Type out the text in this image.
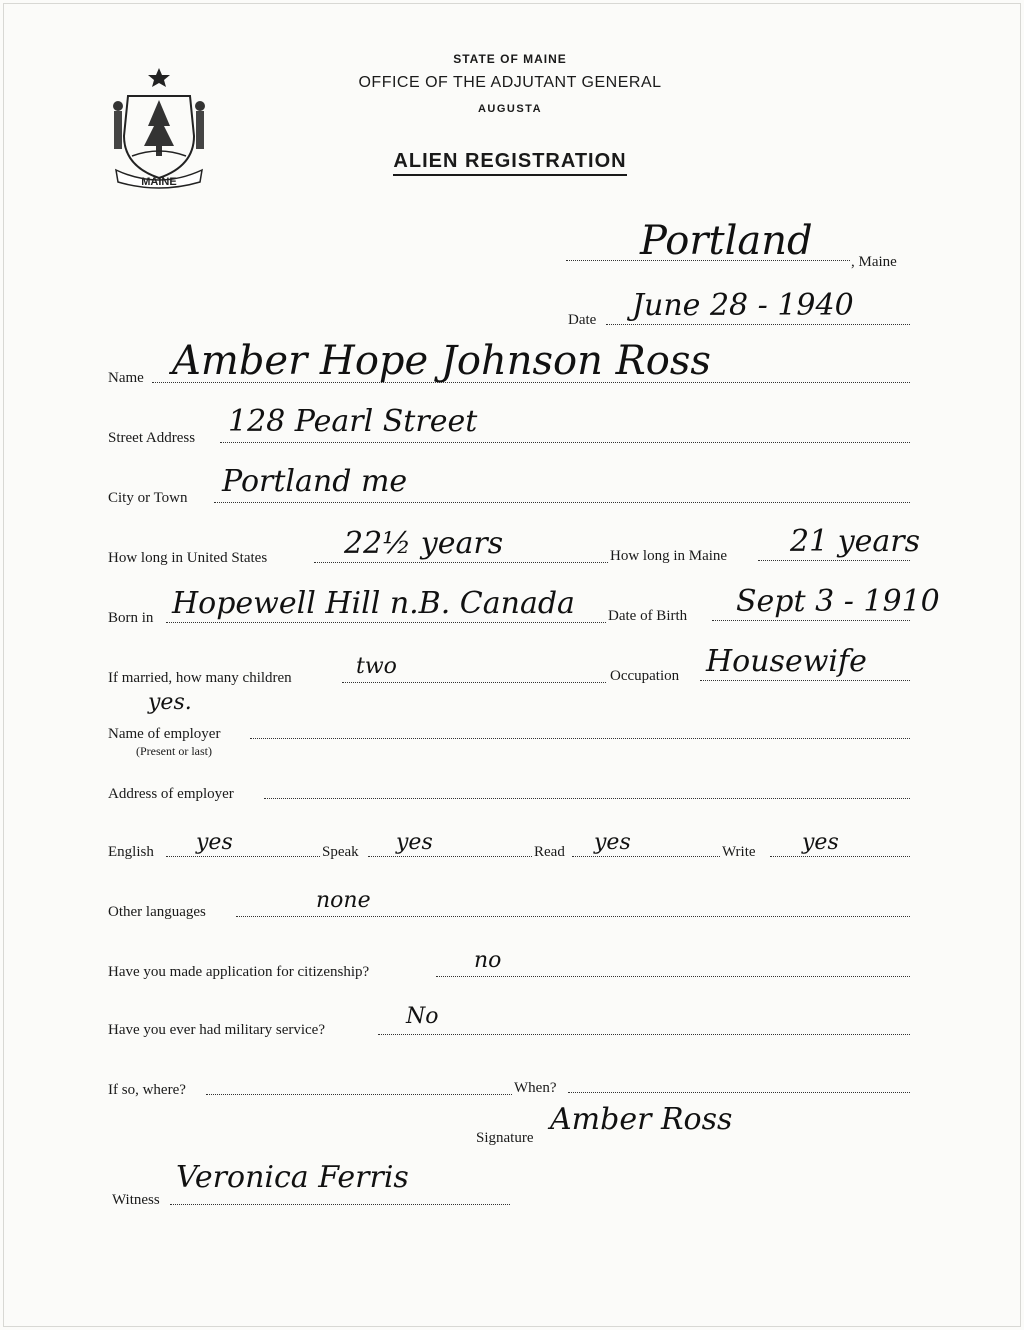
MAINE
STATE OF MAINE
OFFICE OF THE ADJUTANT GENERAL
AUGUSTA
ALIEN REGISTRATION
Portland	, Maine
Date June 28 - 1940
Name Amber Hope Johnson Ross
Street Address 128 Pearl Street
City or Town Portland me
How long in United States	22½ years	How long in Maine 21 years
Born in Hopewell Hill n.B. Canada Date of Birth Sept 3 - 1910
If married, how many children	two	Occupation Housewife
yes.
Name of employer
(Present or last)
Address of employer
English yes	Speak yes	Read yes	Write yes
Other languages	none
Have you made application for citizenship?	no
Have you ever had military service?
No
If so, where?	When?
Signature
Amber Ross
Witness
Veronica Ferris
